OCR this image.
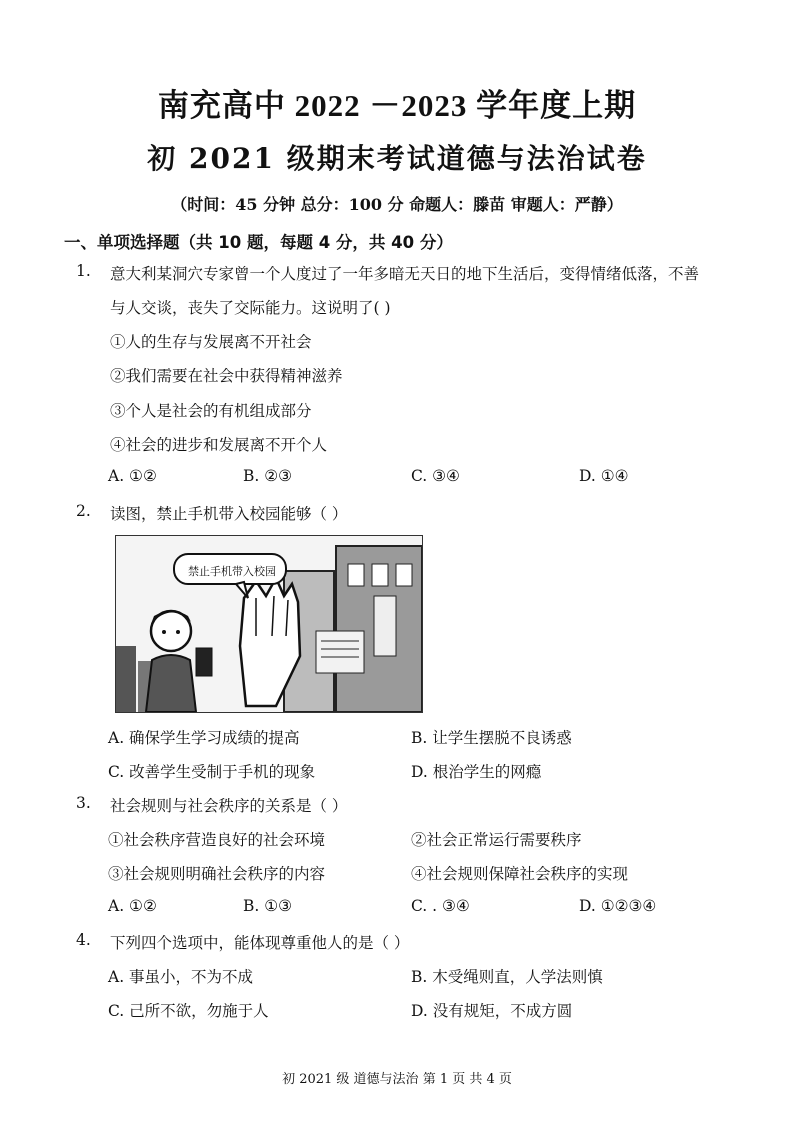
南充高中 2022 －2023 学年度上期
初 2021 级期末考试道德与法治试卷
（时间：45 分钟 总分：100 分 命题人：滕苗 审题人：严静）
一、单项选择题（共 10 题，每题 4 分，共 40 分）
1. 意大利某洞穴专家曾一个人度过了一年多暗无天日的地下生活后，变得情绪低落，不善
与人交谈，丧失了交际能力。这说明了( )
①人的生存与发展离不开社会
②我们需要在社会中获得精神滋养
③个人是社会的有机组成部分
④社会的进步和发展离不开个人
A. ①②	B. ②③	C. ③④	D. ①④
2. 读图，禁止手机带入校园能够（ ）
禁止手机带入校园
A. 确保学生学习成绩的提高	B. 让学生摆脱不良诱惑
C. 改善学生受制于手机的现象	D. 根治学生的网瘾
3. 社会规则与社会秩序的关系是（ ）
①社会秩序营造良好的社会环境	②社会正常运行需要秩序
③社会规则明确社会秩序的内容	④社会规则保障社会秩序的实现
A. ①②	B. ①③	C. . ③④	D. ①②③④
4. 下列四个选项中，能体现尊重他人的是（ ）
A. 事虽小，不为不成	B. 木受绳则直，人学法则慎
C. 己所不欲，勿施于人	D. 没有规矩，不成方圆
初 2021 级 道德与法治 第 1 页 共 4 页
